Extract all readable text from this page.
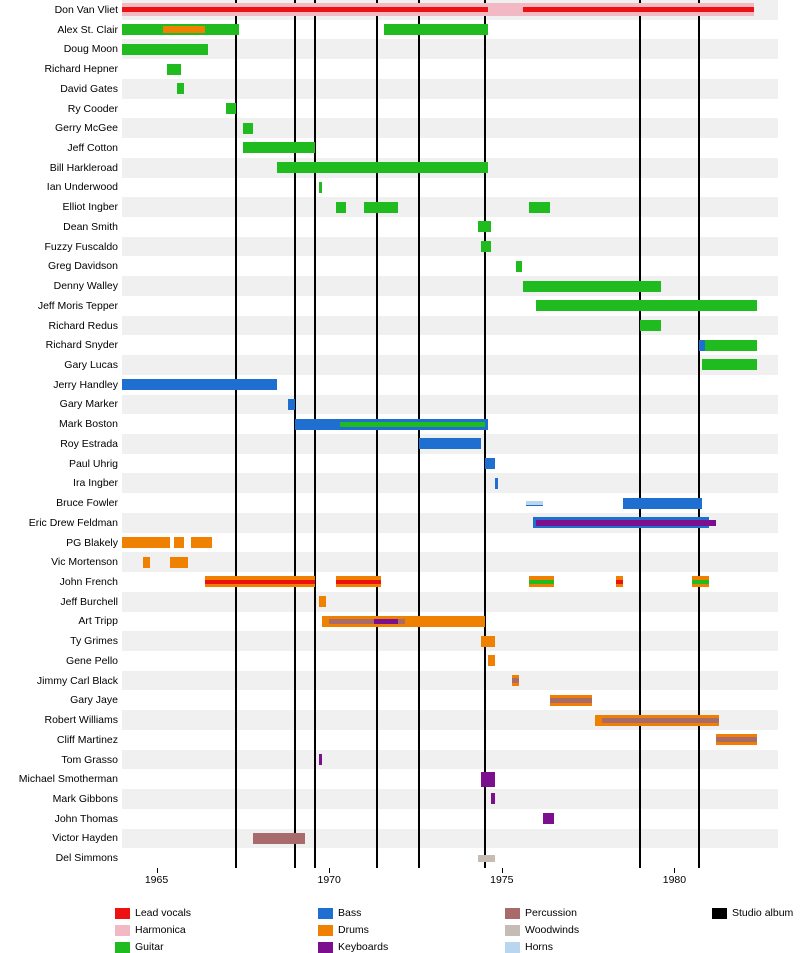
Don Van Vliet
Alex St. Clair
Doug Moon
Richard Hepner
David Gates
Ry Cooder
Gerry McGee
Jeff Cotton
Bill Harkleroad
Ian Underwood
Elliot Ingber
Dean Smith
Fuzzy Fuscaldo
Greg Davidson
Denny Walley
Jeff Moris Tepper
Richard Redus
Richard Snyder
Gary Lucas
Jerry Handley
Gary Marker
Mark Boston
Roy Estrada
Paul Uhrig
Ira Ingber
Bruce Fowler
Eric Drew Feldman
PG Blakely
Vic Mortenson
John French
Jeff Burchell
Art Tripp
Ty Grimes
Gene Pello
Jimmy Carl Black
Gary Jaye
Robert Williams
Cliff Martinez
Tom Grasso
Michael Smotherman
Mark Gibbons
John Thomas
Victor Hayden
Del Simmons
1965	1970	1975	1980
Lead vocals
Harmonica
Guitar
Bass
Drums
Keyboards
Percussion
Woodwinds
Horns
Studio album
